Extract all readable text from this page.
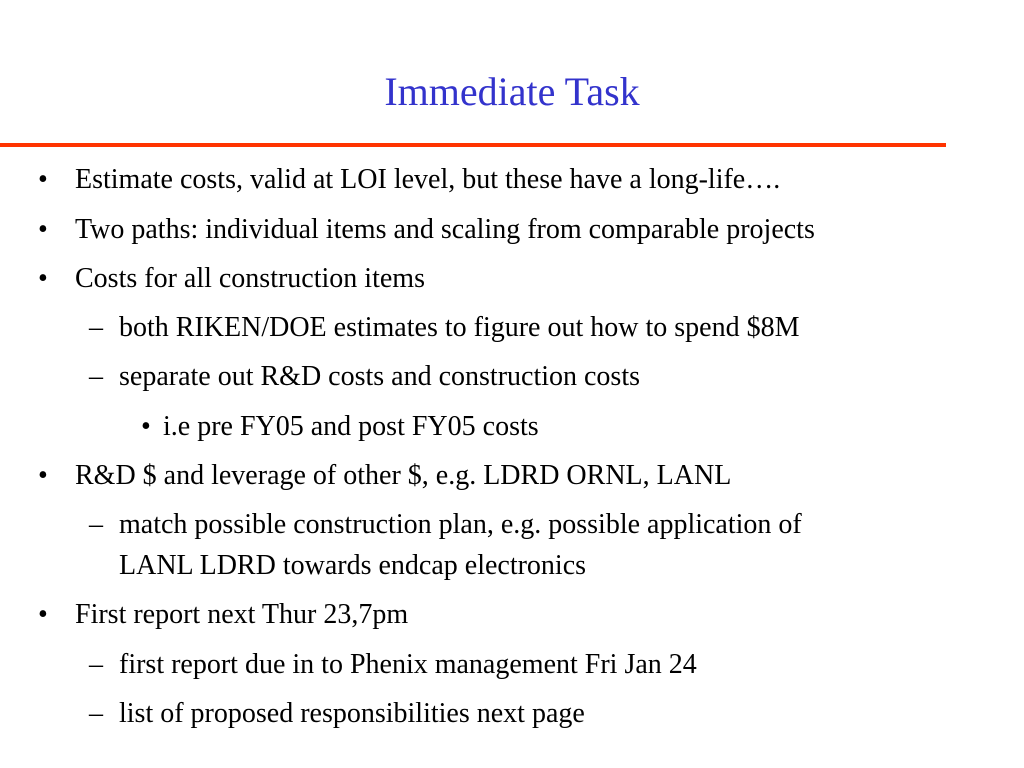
Immediate Task
• Estimate costs, valid at LOI level, but these have a long-life….
• Two paths: individual items and scaling from comparable projects
• Costs for all construction items
– both RIKEN/DOE estimates to figure out how to spend $8M
– separate out R&D costs and construction costs
• i.e pre FY05 and post FY05 costs
• R&D $ and leverage of other $, e.g. LDRD ORNL, LANL
– match possible construction plan, e.g. possible application of
LANL LDRD towards endcap electronics
• First report next Thur 23,7pm
– first report due in to Phenix management Fri Jan 24
– list of proposed responsibilities next page
